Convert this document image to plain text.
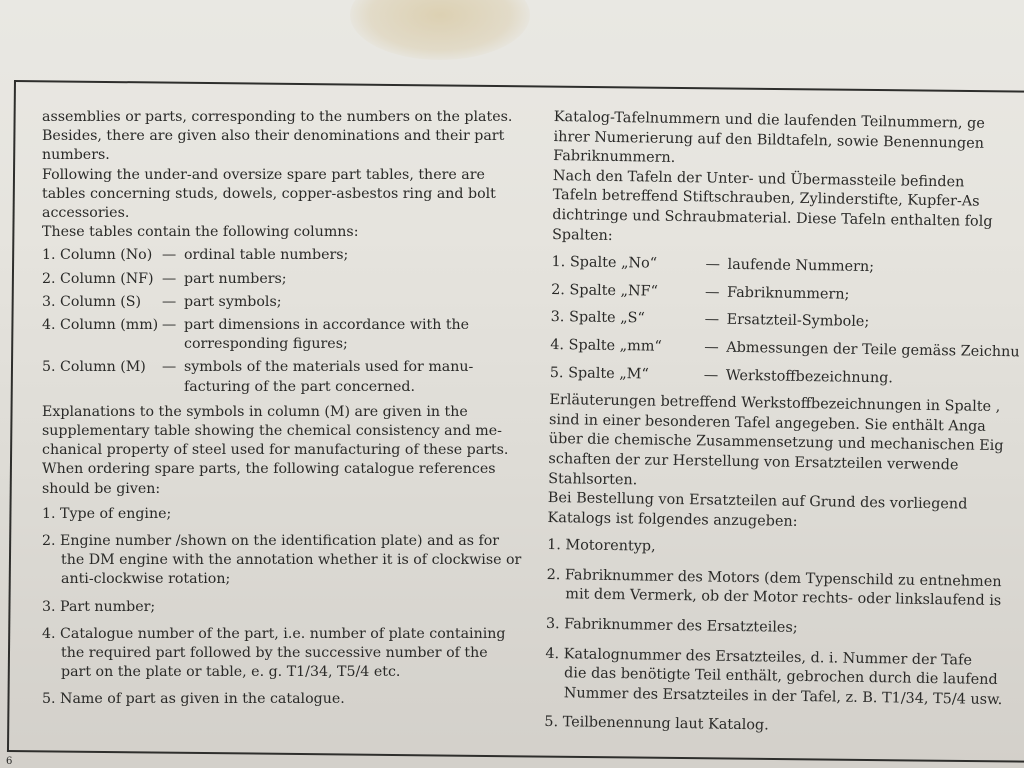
assemblies or parts, corresponding to the numbers on the plates.

Besides, there are given also their denominations and their part

numbers.

Following the under-and oversize spare part tables, there are

tables concerning studs, dowels, copper-asbestos ring and bolt

accessories.

These tables contain the following columns:

1. Column (No) — ordinal table numbers;
2. Column (NF) — part numbers;
3. Column (S)	— part symbols;
4. Column (mm) — part dimensions in accordance with the
corresponding figures;
5. Column (M)	— symbols of the materials used for manu-
facturing of the part concerned.

Explanations to the symbols in column (M) are given in the

supplementary table showing the chemical consistency and me-

chanical property of steel used for manufacturing of these parts.

When ordering spare parts, the following catalogue references

should be given:

1. Type of engine;

2. Engine number /shown on the identification plate) and as for

the DM engine with the annotation whether it is of clockwise or

anti-clockwise rotation;

3. Part number;

4. Catalogue number of the part, i.e. number of plate containing

the required part followed by the successive number of the

part on the plate or table, e. g. T1/34, T5/4 etc.

5. Name of part as given in the catalogue.

Katalog-Tafelnummern und die laufenden Teilnummern, ge

ihrer Numerierung auf den Bildtafeln, sowie Benennungen

Fabriknummern.

Nach den Tafeln der Unter- und Übermassteile befinden

Tafeln betreffend Stiftschrauben, Zylinderstifte, Kupfer-As

dichtringe und Schraubmaterial. Diese Tafeln enthalten folg

Spalten:

1. Spalte „No“	— laufende Nummern;
2. Spalte „NF“	— Fabriknummern;
3. Spalte „S“	— Ersatzteil-Symbole;
4. Spalte „mm“	— Abmessungen der Teile gemäss Zeichnu
5. Spalte „M“	— Werkstoffbezeichnung.

Erläuterungen betreffend Werkstoffbezeichnungen in Spalte ,

sind in einer besonderen Tafel angegeben. Sie enthält Anga

über die chemische Zusammensetzung und mechanischen Eig

schaften der zur Herstellung von Ersatzteilen verwende

Stahlsorten.

Bei Bestellung von Ersatzteilen auf Grund des vorliegend

Katalogs ist folgendes anzugeben:

1. Motorentyp,

2. Fabriknummer des Motors (dem Typenschild zu entnehmen

mit dem Vermerk, ob der Motor rechts- oder linkslaufend is

3. Fabriknummer des Ersatzteiles;

4. Katalognummer des Ersatzteiles, d. i. Nummer der Tafe

die das benötigte Teil enthält, gebrochen durch die laufend

Nummer des Ersatzteiles in der Tafel, z. B. T1/34, T5/4 usw.

5. Teilbenennung laut Katalog.

6
